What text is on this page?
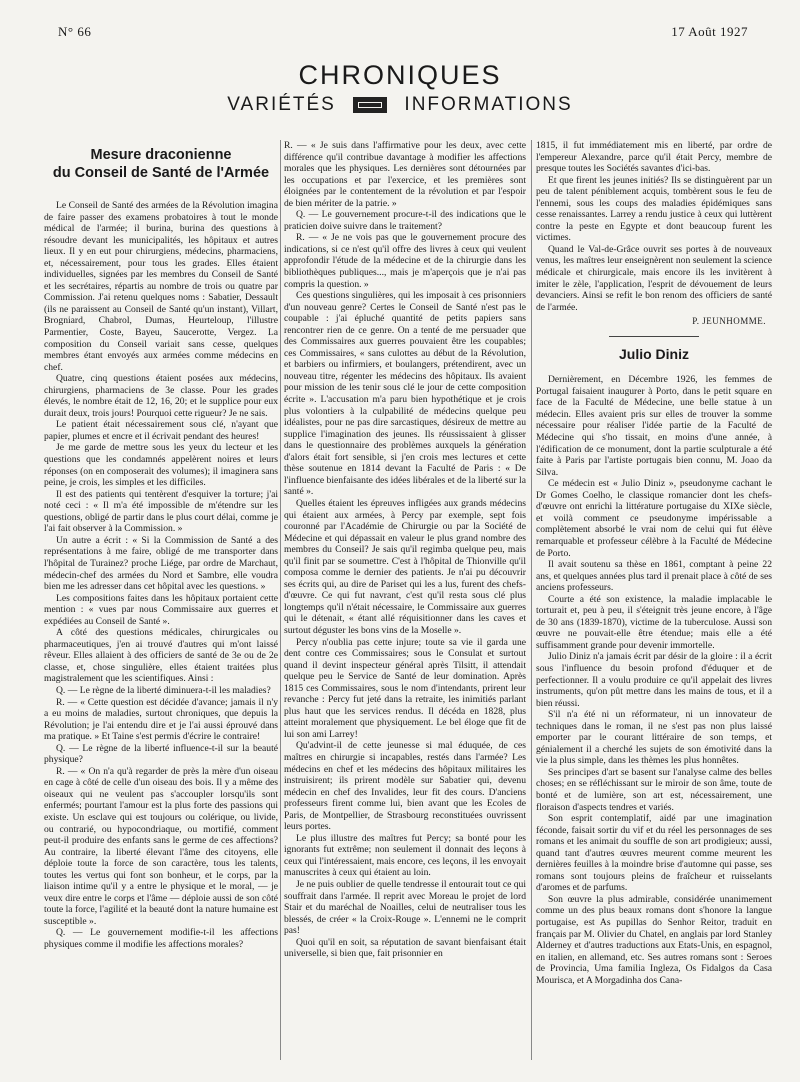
N° 66	17 Août 1927
CHRONIQUES
VARIÉTÉS	INFORMATIONS
Mesure draconienne
du Conseil de Santé de l'Armée

Le Conseil de Santé des armées de la Révolution imagina de faire passer des examens probatoires à tout le monde médical de l'armée; il burina, burina des questions à résoudre devant les municipalités, les hôpitaux et autres lieux. Il y en eut pour chirurgiens, médecins, pharmaciens, et, nécessairement, pour tous les grades. Elles étaient individuelles, signées par les membres du Conseil de Santé et les secrétaires, répartis au nombre de trois ou quatre par Commission. J'ai retenu quelques noms : Sabatier, Dessault (ils ne paraissent au Conseil de Santé qu'un instant), Villart, Brogniard, Chabrol, Dumas, Heurteloup, l'illustre Parmentier, Coste, Bayeu, Saucerotte, Vergez. La composition du Conseil variait sans cesse, quelques membres étant envoyés aux armées comme médecins en chef.

Quatre, cinq questions étaient posées aux médecins, chirurgiens, pharmaciens de 3e classe. Pour les grades élevés, le nombre était de 12, 16, 20; et le supplice pour eux durait deux, trois jours! Pourquoi cette rigueur? Je ne sais.

Le patient était nécessairement sous clé, n'ayant que papier, plumes et encre et il écrivait pendant des heures!

Je me garde de mettre sous les yeux du lecteur et les questions que les condamnés appelèrent noires et leurs réponses (on en composerait des volumes); il imaginera sans peine, je crois, les simples et les difficiles.

Il est des patients qui tentèrent d'esquiver la torture; j'ai noté ceci : « Il m'a été impossible de m'étendre sur les questions, obligé de partir dans le plus court délai, comme je l'ai fait observer à la Commission. »

Un autre a écrit : « Si la Commission de Santé a des représentations à me faire, obligé de me transporter dans l'hôpital de Turainez? proche Liége, par ordre de Marchaut, médecin-chef des armées du Nord et Sambre, elle voudra bien me les adresser dans cet hôpital avec les questions. »

Les compositions faites dans les hôpitaux portaient cette mention : « vues par nous Commissaire aux guerres et expédiées au Conseil de Santé ».

A côté des questions médicales, chirurgicales ou pharmaceutiques, j'en ai trouvé d'autres qui m'ont laissé rêveur. Elles allaient à des officiers de santé de 3e ou de 2e classe, et, chose singulière, elles étaient traitées plus magistralement que les scientifiques. Ainsi :

Q. — Le règne de la liberté diminuera-t-il les maladies?

R. — « Cette question est décidée d'avance; jamais il n'y a eu moins de maladies, surtout chroniques, que depuis la Révolution; je l'ai entendu dire et je l'ai aussi éprouvé dans ma pratique. » Et Taine s'est permis d'écrire le contraire!

Q. — Le règne de la liberté influence-t-il sur la beauté physique?

R. — « On n'a qu'à regarder de près la mère d'un oiseau en cage à côté de celle d'un oiseau des bois. Il y a même des oiseaux qui ne veulent pas s'accoupler lorsqu'ils sont enfermés; pourtant l'amour est la plus forte des passions qui existe. Un esclave qui est toujours ou colérique, ou livide, ou contrarié, ou hypocondriaque, ou mortifié, comment peut-il produire des enfants sans le germe de ces affections? Au contraire, la liberté élevant l'âme des citoyens, elle déploie toute la force de son caractère, tous les talents, toutes les vertus qui font son bonheur, et le corps, par la liaison intime qu'il y a entre le physique et le moral, — je veux dire entre le corps et l'âme — déploie aussi de son côté toute la force, l'agilité et la beauté dont la nature humaine est susceptible ».

Q. — Le gouvernement modifie-t-il les affections physiques comme il modifie les affections morales?

R. — « Je suis dans l'affirmative pour les deux, avec cette différence qu'il contribue davantage à modifier les affections morales que les physiques. Les dernières sont détournées par les occupations et par l'exercice, et les premières sont éloignées par le contentement de la révolution et par l'espoir de bien mériter de la patrie. »

Q. — Le gouvernement procure-t-il des indications que le praticien doive suivre dans le traitement?

R. — « Je ne vois pas que le gouvernement procure des indications, si ce n'est qu'il offre des livres à ceux qui veulent approfondir l'étude de la médecine et de la chirurgie dans les bibliothèques publiques..., mais je m'aperçois que je n'ai pas compris la question. »

Ces questions singulières, qui les imposait à ces prisonniers d'un nouveau genre? Certes le Conseil de Santé n'est pas le coupable : j'ai épluché quantité de petits papiers sans rencontrer rien de ce genre. On a tenté de me persuader que des Commissaires aux guerres pouvaient être les coupables; ces Commissaires, « sans culottes au début de la Révolution, et barbiers ou infirmiers, et boulangers, prétendirent, avec un nouveau titre, régenter les médecins des hôpitaux. Ils avaient pour mission de les tenir sous clé le jour de cette composition écrite ». L'accusation m'a paru bien hypothétique et je crois plus volontiers à la culpabilité de médecins quelque peu idéalistes, pour ne pas dire sarcastiques, désireux de mettre au supplice l'imagination des jeunes. Ils réussissaient à glisser dans le questionnaire des problèmes auxquels la génération d'alors était fort sensible, si j'en crois mes lectures et cette thèse soutenue en 1814 devant la Faculté de Paris : « De l'influence bienfaisante des idées libérales et de la liberté sur la santé ».

Quelles étaient les épreuves infligées aux grands médecins qui étaient aux armées, à Percy par exemple, sept fois couronné par l'Académie de Chirurgie ou par la Société de Médecine et qui dépassait en valeur le plus grand nombre des membres du Conseil? Je sais qu'il regimba quelque peu, mais qu'il finit par se soumettre. C'est à l'hôpital de Thionville qu'il composa comme le dernier des patients. Je n'ai pu découvrir ses écrits qui, au dire de Pariset qui les a lus, furent des chefs-d'œuvre. Ce qui fut navrant, c'est qu'il resta sous clé plus longtemps qu'il n'était nécessaire, le Commissaire aux guerres qui le détenait, « étant allé réquisitionner dans les caves et surtout déguster les bons vins de la Moselle ».

Percy n'oublia pas cette injure; toute sa vie il garda une dent contre ces Commissaires; sous le Consulat et surtout quand il devint inspecteur général après Tilsitt, il attendait quelque peu le Service de Santé de leur domination. Après 1815 ces Commissaires, sous le nom d'intendants, prirent leur revanche : Percy fut jeté dans la retraite, les inimitiés parlant plus haut que les services rendus. Il décéda en 1828, plus atteint moralement que physiquement. Le bel éloge que fit de lui son ami Larrey!

Qu'advint-il de cette jeunesse si mal éduquée, de ces maîtres en chirurgie si incapables, restés dans l'armée? Les médecins en chef et les médecins des hôpitaux militaires les instruisirent; ils prirent modèle sur Sabatier qui, devenu médecin en chef des Invalides, leur fit des cours. D'anciens professeurs firent comme lui, bien avant que les Ecoles de Paris, de Montpellier, de Strasbourg reconstituées ouvrissent leurs portes.

Le plus illustre des maîtres fut Percy; sa bonté pour les ignorants fut extrême; non seulement il donnait des leçons à ceux qui l'intéressaient, mais encore, ces leçons, il les envoyait manuscrites à ceux qui étaient au loin.

Je ne puis oublier de quelle tendresse il entourait tout ce qui souffrait dans l'armée. Il reprit avec Moreau le projet de lord Stair et du maréchal de Noailles, celui de neutraliser tous les blessés, de créer « la Croix-Rouge ». L'ennemi ne le comprit pas!

Quoi qu'il en soit, sa réputation de savant bienfaisant était universelle, si bien que, fait prisonnier en

1815, il fut immédiatement mis en liberté, par ordre de l'empereur Alexandre, parce qu'il était Percy, membre de presque toutes les Sociétés savantes d'ici-bas.

Et que firent les jeunes initiés? Ils se distinguèrent par un peu de talent péniblement acquis, tombèrent sous le feu de l'ennemi, sous les coups des maladies épidémiques sans cesse renaissantes. Larrey a rendu justice à ceux qui luttèrent contre la peste en Egypte et dont beaucoup furent les victimes.

Quand le Val-de-Grâce ouvrit ses portes à de nouveaux venus, les maîtres leur enseignèrent non seulement la science médicale et chirurgicale, mais encore ils les invitèrent à imiter le zèle, l'application, l'esprit de dévouement de leurs devanciers. Ainsi se refit le bon renom des officiers de santé de l'armée.

P. JEUNHOMME.
Julio Diniz

Dernièrement, en Décembre 1926, les femmes de Portugal faisaient inaugurer à Porto, dans le petit square en face de la Faculté de Médecine, une belle statue à un médecin. Elles avaient pris sur elles de trouver la somme nécessaire pour réaliser l'idée partie de la Faculté de Médecine qui s'ho tissait, en moins d'une année, à l'édification de ce monument, dont la partie sculpturale a été faite à Paris par l'artiste portugais bien connu, M. Joao da Silva.

Ce médecin est « Julio Diniz », pseudonyme cachant le Dr Gomes Coelho, le classique romancier dont les chefs-d'œuvre ont enrichi la littérature portugaise du XIXe siècle, et voilà comment ce pseudonyme impérissable a complètement absorbé le vrai nom de celui qui fut élève remarquable et professeur célèbre à la Faculté de Médecine de Porto.

Il avait soutenu sa thèse en 1861, comptant à peine 22 ans, et quelques années plus tard il prenait place à côté de ses anciens professeurs.

Courte a été son existence, la maladie implacable le torturait et, peu à peu, il s'éteignit très jeune encore, à l'âge de 30 ans (1839-1870), victime de la tuberculose. Aussi son œuvre ne pouvait-elle être étendue; mais elle a été suffisamment grande pour devenir immortelle.

Julio Diniz n'a jamais écrit par désir de la gloire : il a écrit sous l'influence du besoin profond d'éduquer et de perfectionner. Il a voulu produire ce qu'il appelait des livres instruments, qu'on pût mettre dans les mains de tous, et il a bien réussi.

S'il n'a été ni un réformateur, ni un innovateur de techniques dans le roman, il ne s'est pas non plus laissé emporter par le courant littéraire de son temps, et génialement il a cherché les sujets de son émotivité dans la vie la plus simple, dans les thèmes les plus honnêtes.

Ses principes d'art se basent sur l'analyse calme des belles choses; en se réfléchissant sur le miroir de son âme, toute de bonté et de lumière, son art est, nécessairement, une floraison d'aspects tendres et variés.

Son esprit contemplatif, aidé par une imagination féconde, faisait sortir du vif et du réel les personnages de ses romans et les animait du souffle de son art prodigieux; aussi, quand tant d'autres œuvres meurent comme meurent les dernières feuilles à la moindre brise d'automne qui passe, ses romans sont toujours pleins de fraîcheur et ruisselants d'aromes et de parfums.

Son œuvre la plus admirable, considérée unanimement comme un des plus beaux romans dont s'honore la langue portugaise, est As pupillas do Senhor Reitor, traduit en français par M. Olivier du Chatel, en anglais par lord Stanley Alderney et d'autres traductions aux Etats-Unis, en espagnol, en italien, en allemand, etc. Ses autres romans sont : Seroes de Provincia, Uma familia Ingleza, Os Fidalgos da Casa Mourisca, et A Morgadinha dos Cana-
